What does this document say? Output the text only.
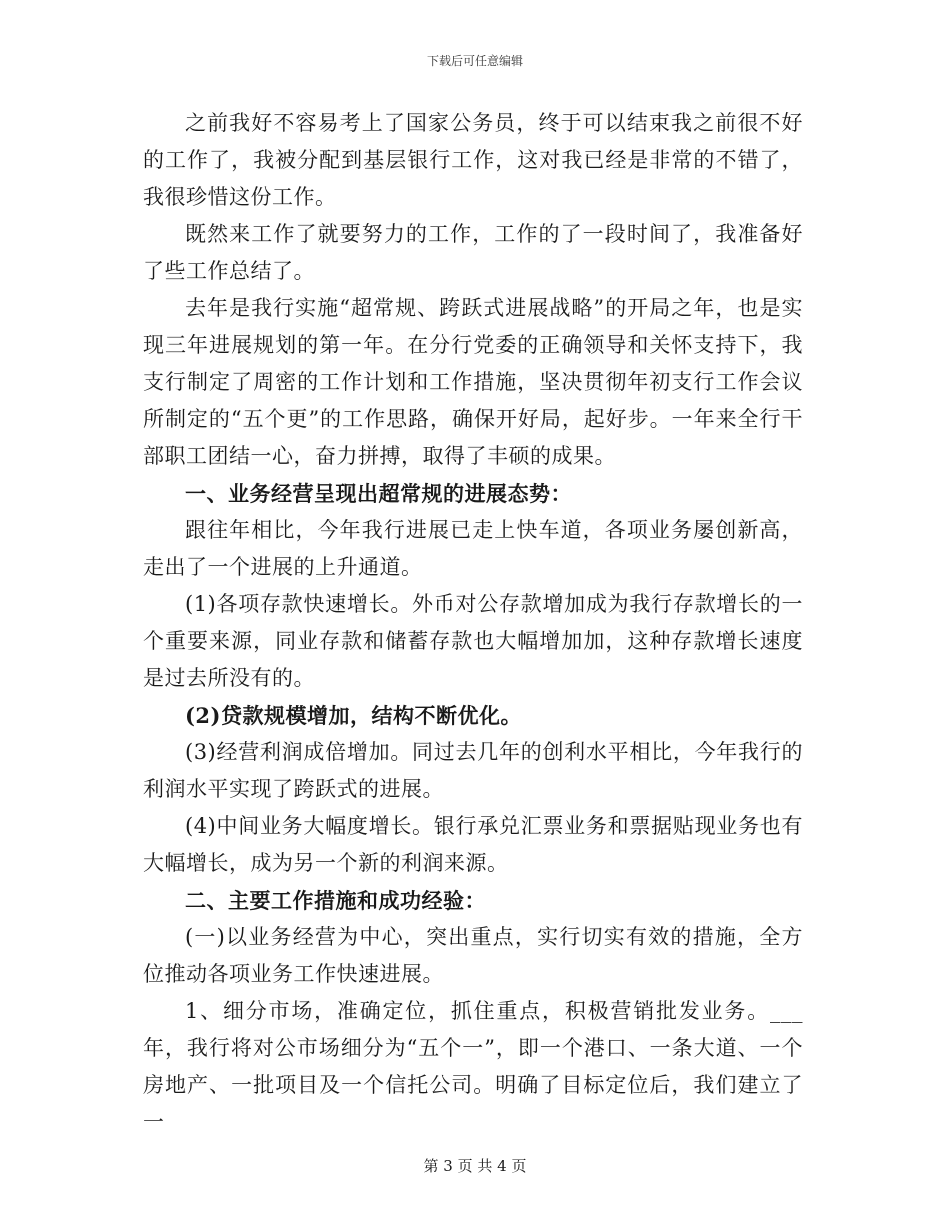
下载后可任意编辑

之前我好不容易考上了国家公务员，终于可以结束我之前很不好的工作了，我被分配到基层银行工作，这对我已经是非常的不错了，我很珍惜这份工作。

既然来工作了就要努力的工作，工作的了一段时间了，我准备好了些工作总结了。

去年是我行实施“超常规、跨跃式进展战略”的开局之年，也是实现三年进展规划的第一年。在分行党委的正确领导和关怀支持下，我支行制定了周密的工作计划和工作措施，坚决贯彻年初支行工作会议所制定的“五个更”的工作思路，确保开好局，起好步。一年来全行干部职工团结一心，奋力拼搏，取得了丰硕的成果。

一、业务经营呈现出超常规的进展态势：

跟往年相比，今年我行进展已走上快车道，各项业务屡创新高，走出了一个进展的上升通道。

(1)各项存款快速增长。外币对公存款增加成为我行存款增长的一个重要来源，同业存款和储蓄存款也大幅增加加，这种存款增长速度是过去所没有的。

(2)贷款规模增加，结构不断优化。

(3)经营利润成倍增加。同过去几年的创利水平相比，今年我行的利润水平实现了跨跃式的进展。

(4)中间业务大幅度增长。银行承兑汇票业务和票据贴现业务也有大幅增长，成为另一个新的利润来源。

二、主要工作措施和成功经验：

(一)以业务经营为中心，突出重点，实行切实有效的措施，全方位推动各项业务工作快速进展。

1、细分市场，准确定位，抓住重点，积极营销批发业务。___年，我行将对公市场细分为“五个一”，即一个港口、一条大道、一个房地产、一批项目及一个信托公司。明确了目标定位后，我们建立了一

第 3 页 共 4 页
